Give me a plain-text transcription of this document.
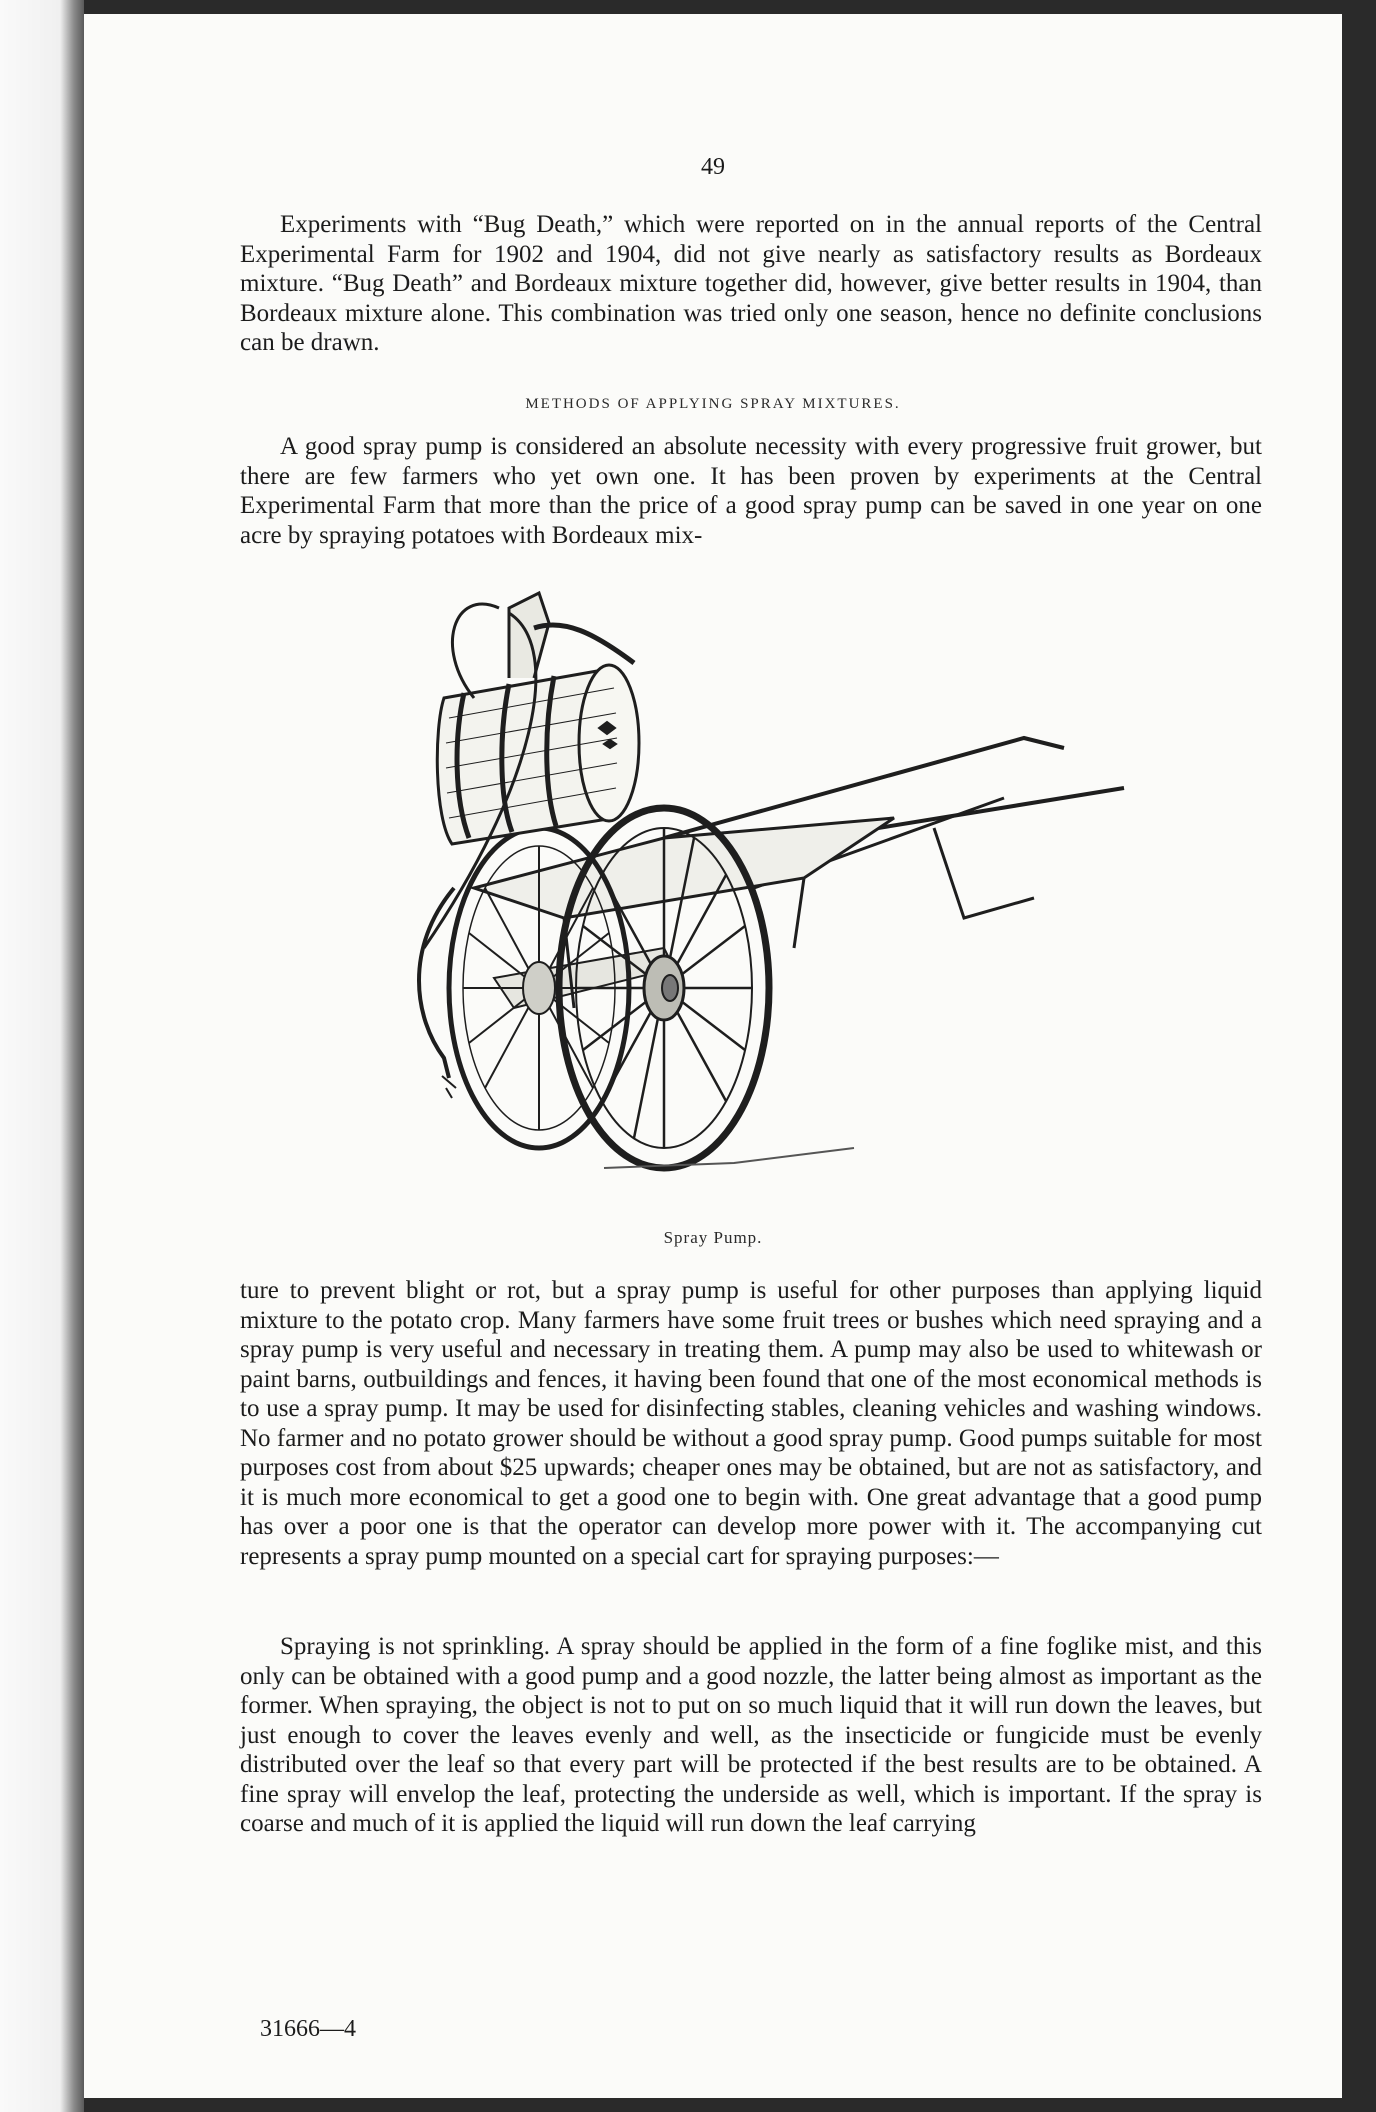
49

Experiments with “Bug Death,” which were reported on in the annual reports of the Central Experimental Farm for 1902 and 1904, did not give nearly as satisfactory results as Bordeaux mixture. “Bug Death” and Bordeaux mixture together did, however, give better results in 1904, than Bordeaux mixture alone. This combination was tried only one season, hence no definite conclusions can be drawn.

METHODS OF APPLYING SPRAY MIXTURES.

A good spray pump is considered an absolute necessity with every progressive fruit grower, but there are few farmers who yet own one. It has been proven by experiments at the Central Experimental Farm that more than the price of a good spray pump can be saved in one year on one acre by spraying potatoes with Bordeaux mix-

Spray Pump.

ture to prevent blight or rot, but a spray pump is useful for other purposes than applying liquid mixture to the potato crop. Many farmers have some fruit trees or bushes which need spraying and a spray pump is very useful and necessary in treating them. A pump may also be used to whitewash or paint barns, outbuildings and fences, it having been found that one of the most economical methods is to use a spray pump. It may be used for disinfecting stables, cleaning vehicles and washing windows. No farmer and no potato grower should be without a good spray pump. Good pumps suitable for most purposes cost from about $25 upwards; cheaper ones may be obtained, but are not as satisfactory, and it is much more economical to get a good one to begin with. One great advantage that a good pump has over a poor one is that the operator can develop more power with it. The accompanying cut represents a spray pump mounted on a special cart for spraying purposes:—

Spraying is not sprinkling. A spray should be applied in the form of a fine foglike mist, and this only can be obtained with a good pump and a good nozzle, the latter being almost as important as the former. When spraying, the object is not to put on so much liquid that it will run down the leaves, but just enough to cover the leaves evenly and well, as the insecticide or fungicide must be evenly distributed over the leaf so that every part will be protected if the best results are to be obtained. A fine spray will envelop the leaf, protecting the underside as well, which is important. If the spray is coarse and much of it is applied the liquid will run down the leaf carrying

31666—4
